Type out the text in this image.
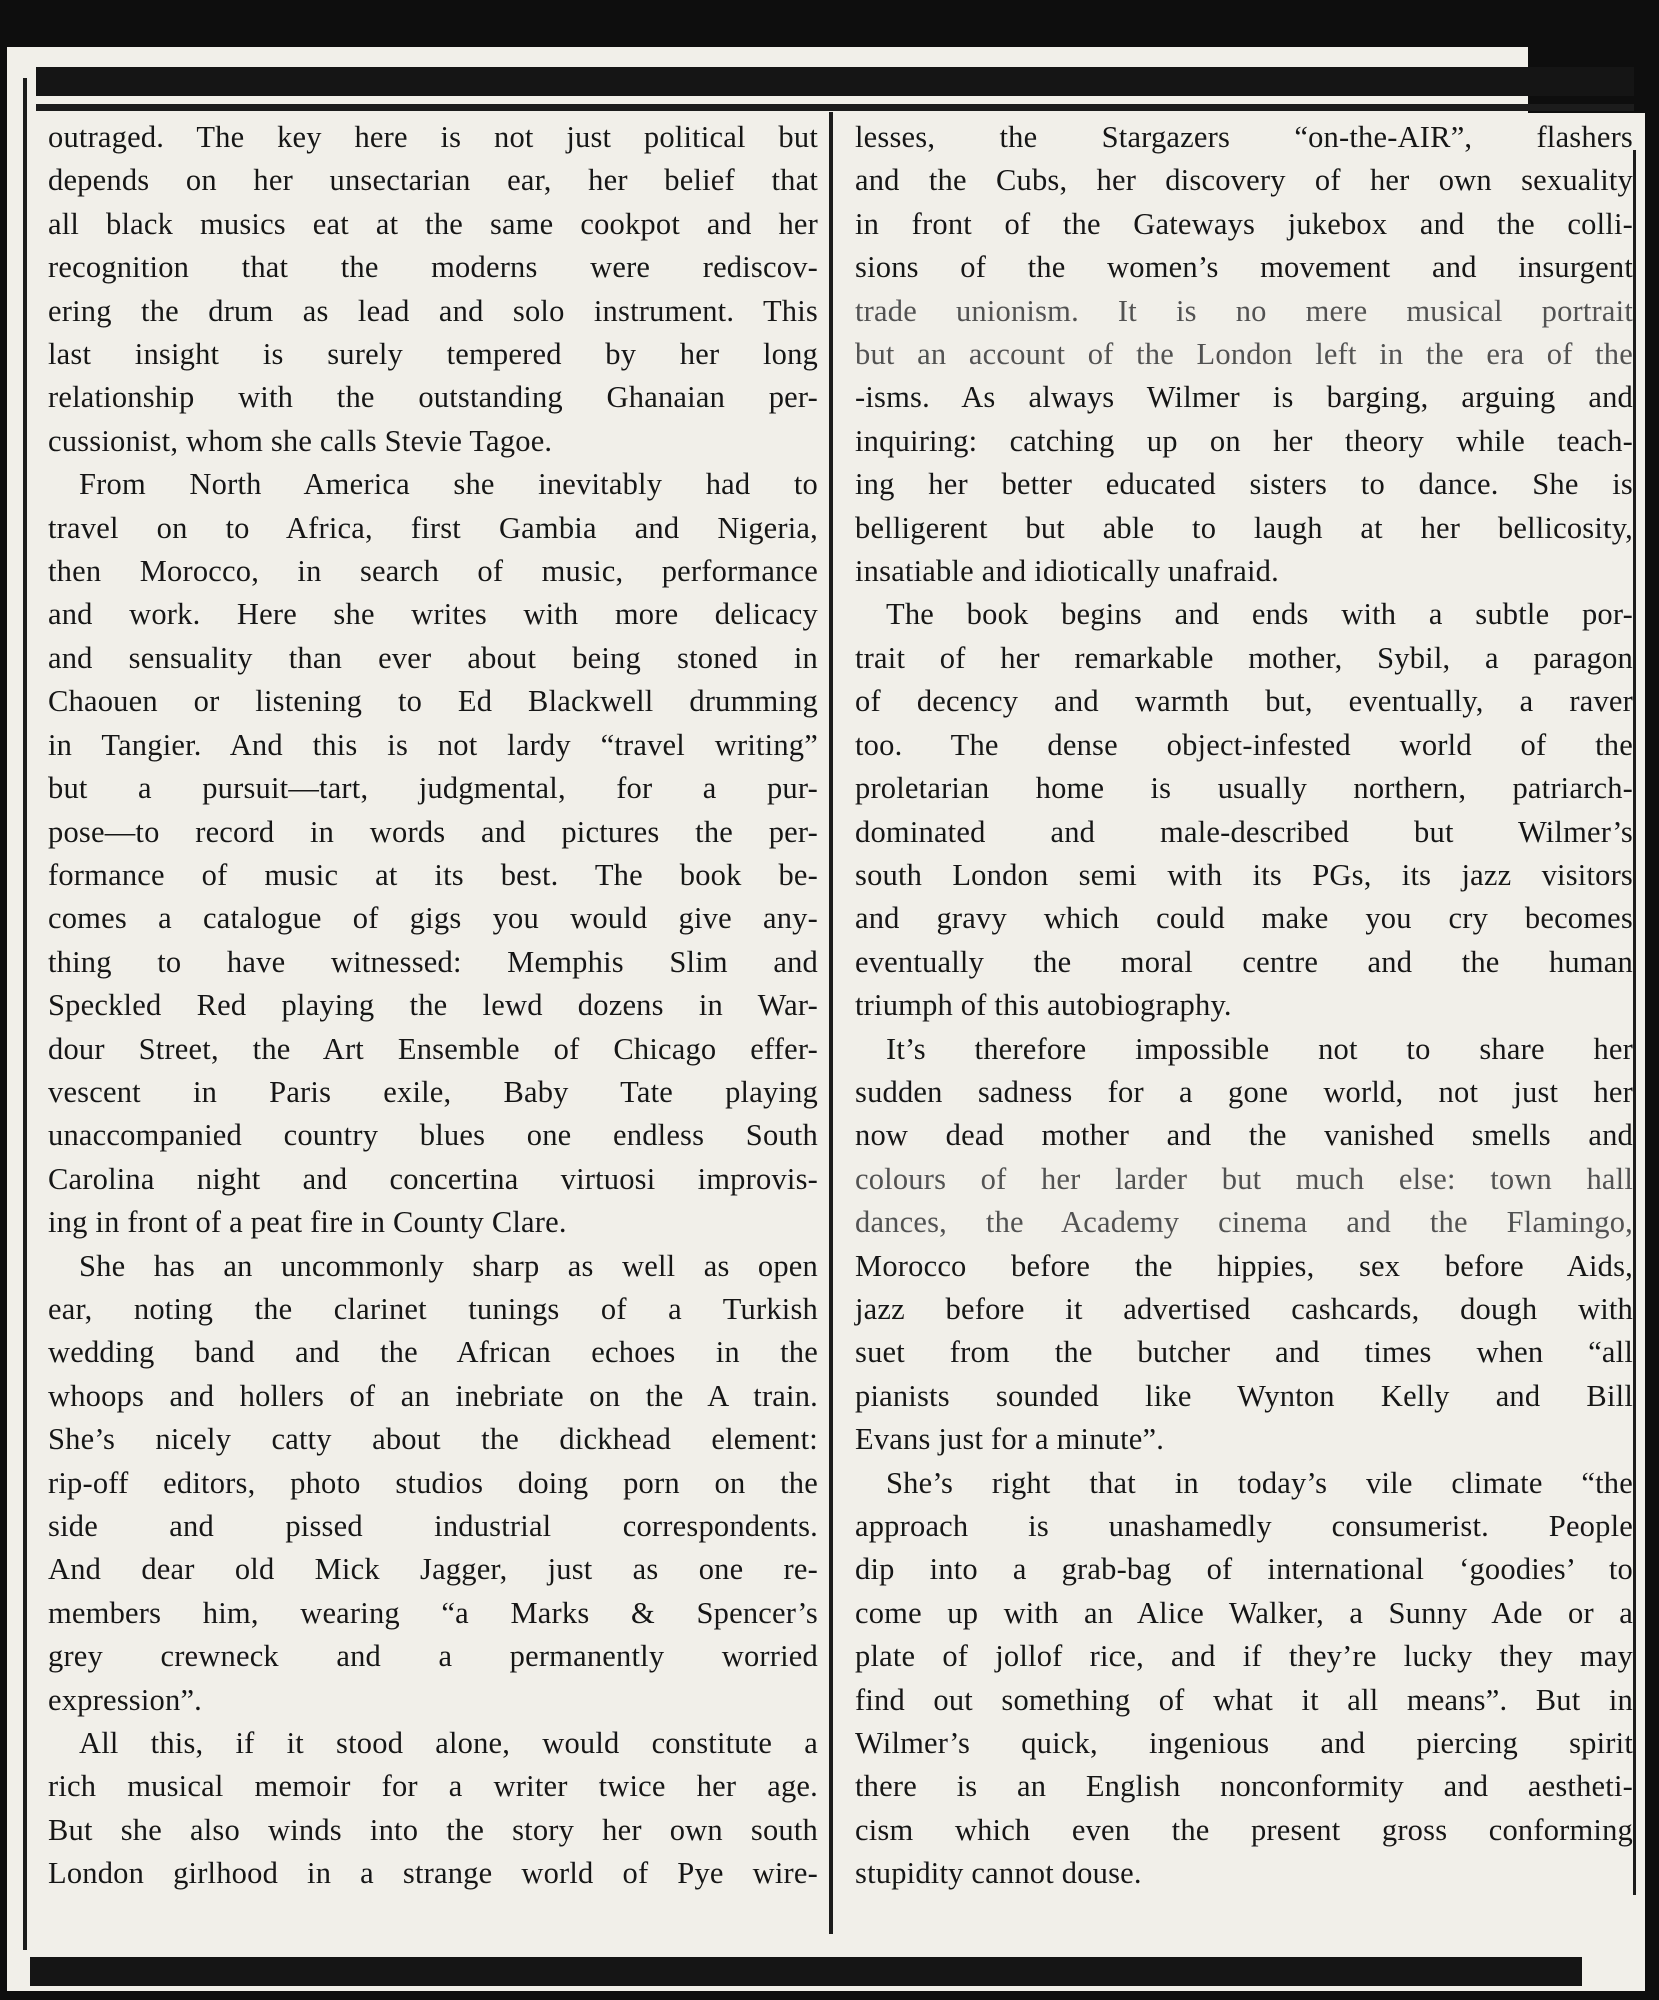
outraged. The key here is not just political but
depends on her unsectarian ear, her belief that
all black musics eat at the same cookpot and her
recognition that the moderns were rediscov-
ering the drum as lead and solo instrument. This
last insight is surely tempered by her long
relationship with the outstanding Ghanaian per-
cussionist, whom she calls Stevie Tagoe.
From North America she inevitably had to
travel on to Africa, first Gambia and Nigeria,
then Morocco, in search of music, performance
and work. Here she writes with more delicacy
and sensuality than ever about being stoned in
Chaouen or listening to Ed Blackwell drumming
in Tangier. And this is not lardy “travel writing”
but a pursuit—tart, judgmental, for a pur-
pose—to record in words and pictures the per-
formance of music at its best. The book be-
comes a catalogue of gigs you would give any-
thing to have witnessed: Memphis Slim and
Speckled Red playing the lewd dozens in War-
dour Street, the Art Ensemble of Chicago effer-
vescent in Paris exile, Baby Tate playing
unaccompanied country blues one endless South
Carolina night and concertina virtuosi improvis-
ing in front of a peat fire in County Clare.
She has an uncommonly sharp as well as open
ear, noting the clarinet tunings of a Turkish
wedding band and the African echoes in the
whoops and hollers of an inebriate on the A train.
She’s nicely catty about the dickhead element:
rip-off editors, photo studios doing porn on the
side and pissed industrial correspondents.
And dear old Mick Jagger, just as one re-
members him, wearing “a Marks & Spencer’s
grey crewneck and a permanently worried
expression”.
All this, if it stood alone, would constitute a
rich musical memoir for a writer twice her age.
But she also winds into the story her own south
London girlhood in a strange world of Pye wire-
lesses, the Stargazers “on-the-AIR”, flashers
and the Cubs, her discovery of her own sexuality
in front of the Gateways jukebox and the colli-
sions of the women’s movement and insurgent
trade unionism. It is no mere musical portrait
but an account of the London left in the era of the
-isms. As always Wilmer is barging, arguing and
inquiring: catching up on her theory while teach-
ing her better educated sisters to dance. She is
belligerent but able to laugh at her bellicosity,
insatiable and idiotically unafraid.
The book begins and ends with a subtle por-
trait of her remarkable mother, Sybil, a paragon
of decency and warmth but, eventually, a raver
too. The dense object-infested world of the
proletarian home is usually northern, patriarch-
dominated and male-described but Wilmer’s
south London semi with its PGs, its jazz visitors
and gravy which could make you cry becomes
eventually the moral centre and the human
triumph of this autobiography.
It’s therefore impossible not to share her
sudden sadness for a gone world, not just her
now dead mother and the vanished smells and
colours of her larder but much else: town hall
dances, the Academy cinema and the Flamingo,
Morocco before the hippies, sex before Aids,
jazz before it advertised cashcards, dough with
suet from the butcher and times when “all
pianists sounded like Wynton Kelly and Bill
Evans just for a minute”.
She’s right that in today’s vile climate “the
approach is unashamedly consumerist. People
dip into a grab-bag of international ‘goodies’ to
come up with an Alice Walker, a Sunny Ade or a
plate of jollof rice, and if they’re lucky they may
find out something of what it all means”. But in
Wilmer’s quick, ingenious and piercing spirit
there is an English nonconformity and aestheti-
cism which even the present gross conforming
stupidity cannot douse.
